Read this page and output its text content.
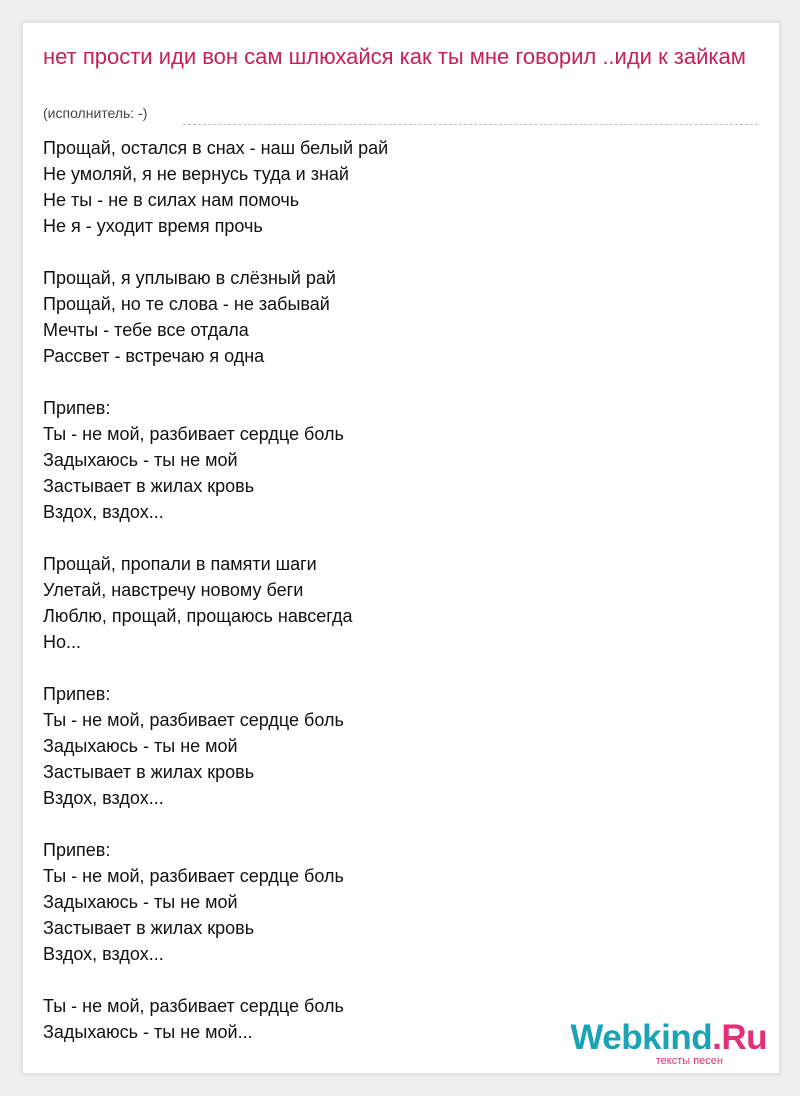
нет прости иди вон сам шлюхайся как ты мне говорил ..иди к зайкам
(исполнитель: -)
Прощай, остался в снах - наш белый рай
Не умоляй, я не вернусь туда и знай
Не ты - не в силах нам помочь
Не я - уходит время прочь
Прощай, я уплываю в слёзный рай
Прощай, но те слова - не забывай
Мечты - тебе все отдала
Рассвет - встречаю я одна
Припев:
Ты - не мой, разбивает сердце боль
Задыхаюсь - ты не мой
Застывает в жилах кровь
Вздох, вздох...
Прощай, пропали в памяти шаги
Улетай, навстречу новому беги
Люблю, прощай, прощаюсь навсегда
Но...
Припев:
Ты - не мой, разбивает сердце боль
Задыхаюсь - ты не мой
Застывает в жилах кровь
Вздох, вздох...
Припев:
Ты - не мой, разбивает сердце боль
Задыхаюсь - ты не мой
Застывает в жилах кровь
Вздох, вздох...
Ты - не мой, разбивает сердце боль
Задыхаюсь - ты не мой...	Webkind.Ru
тексты песен
